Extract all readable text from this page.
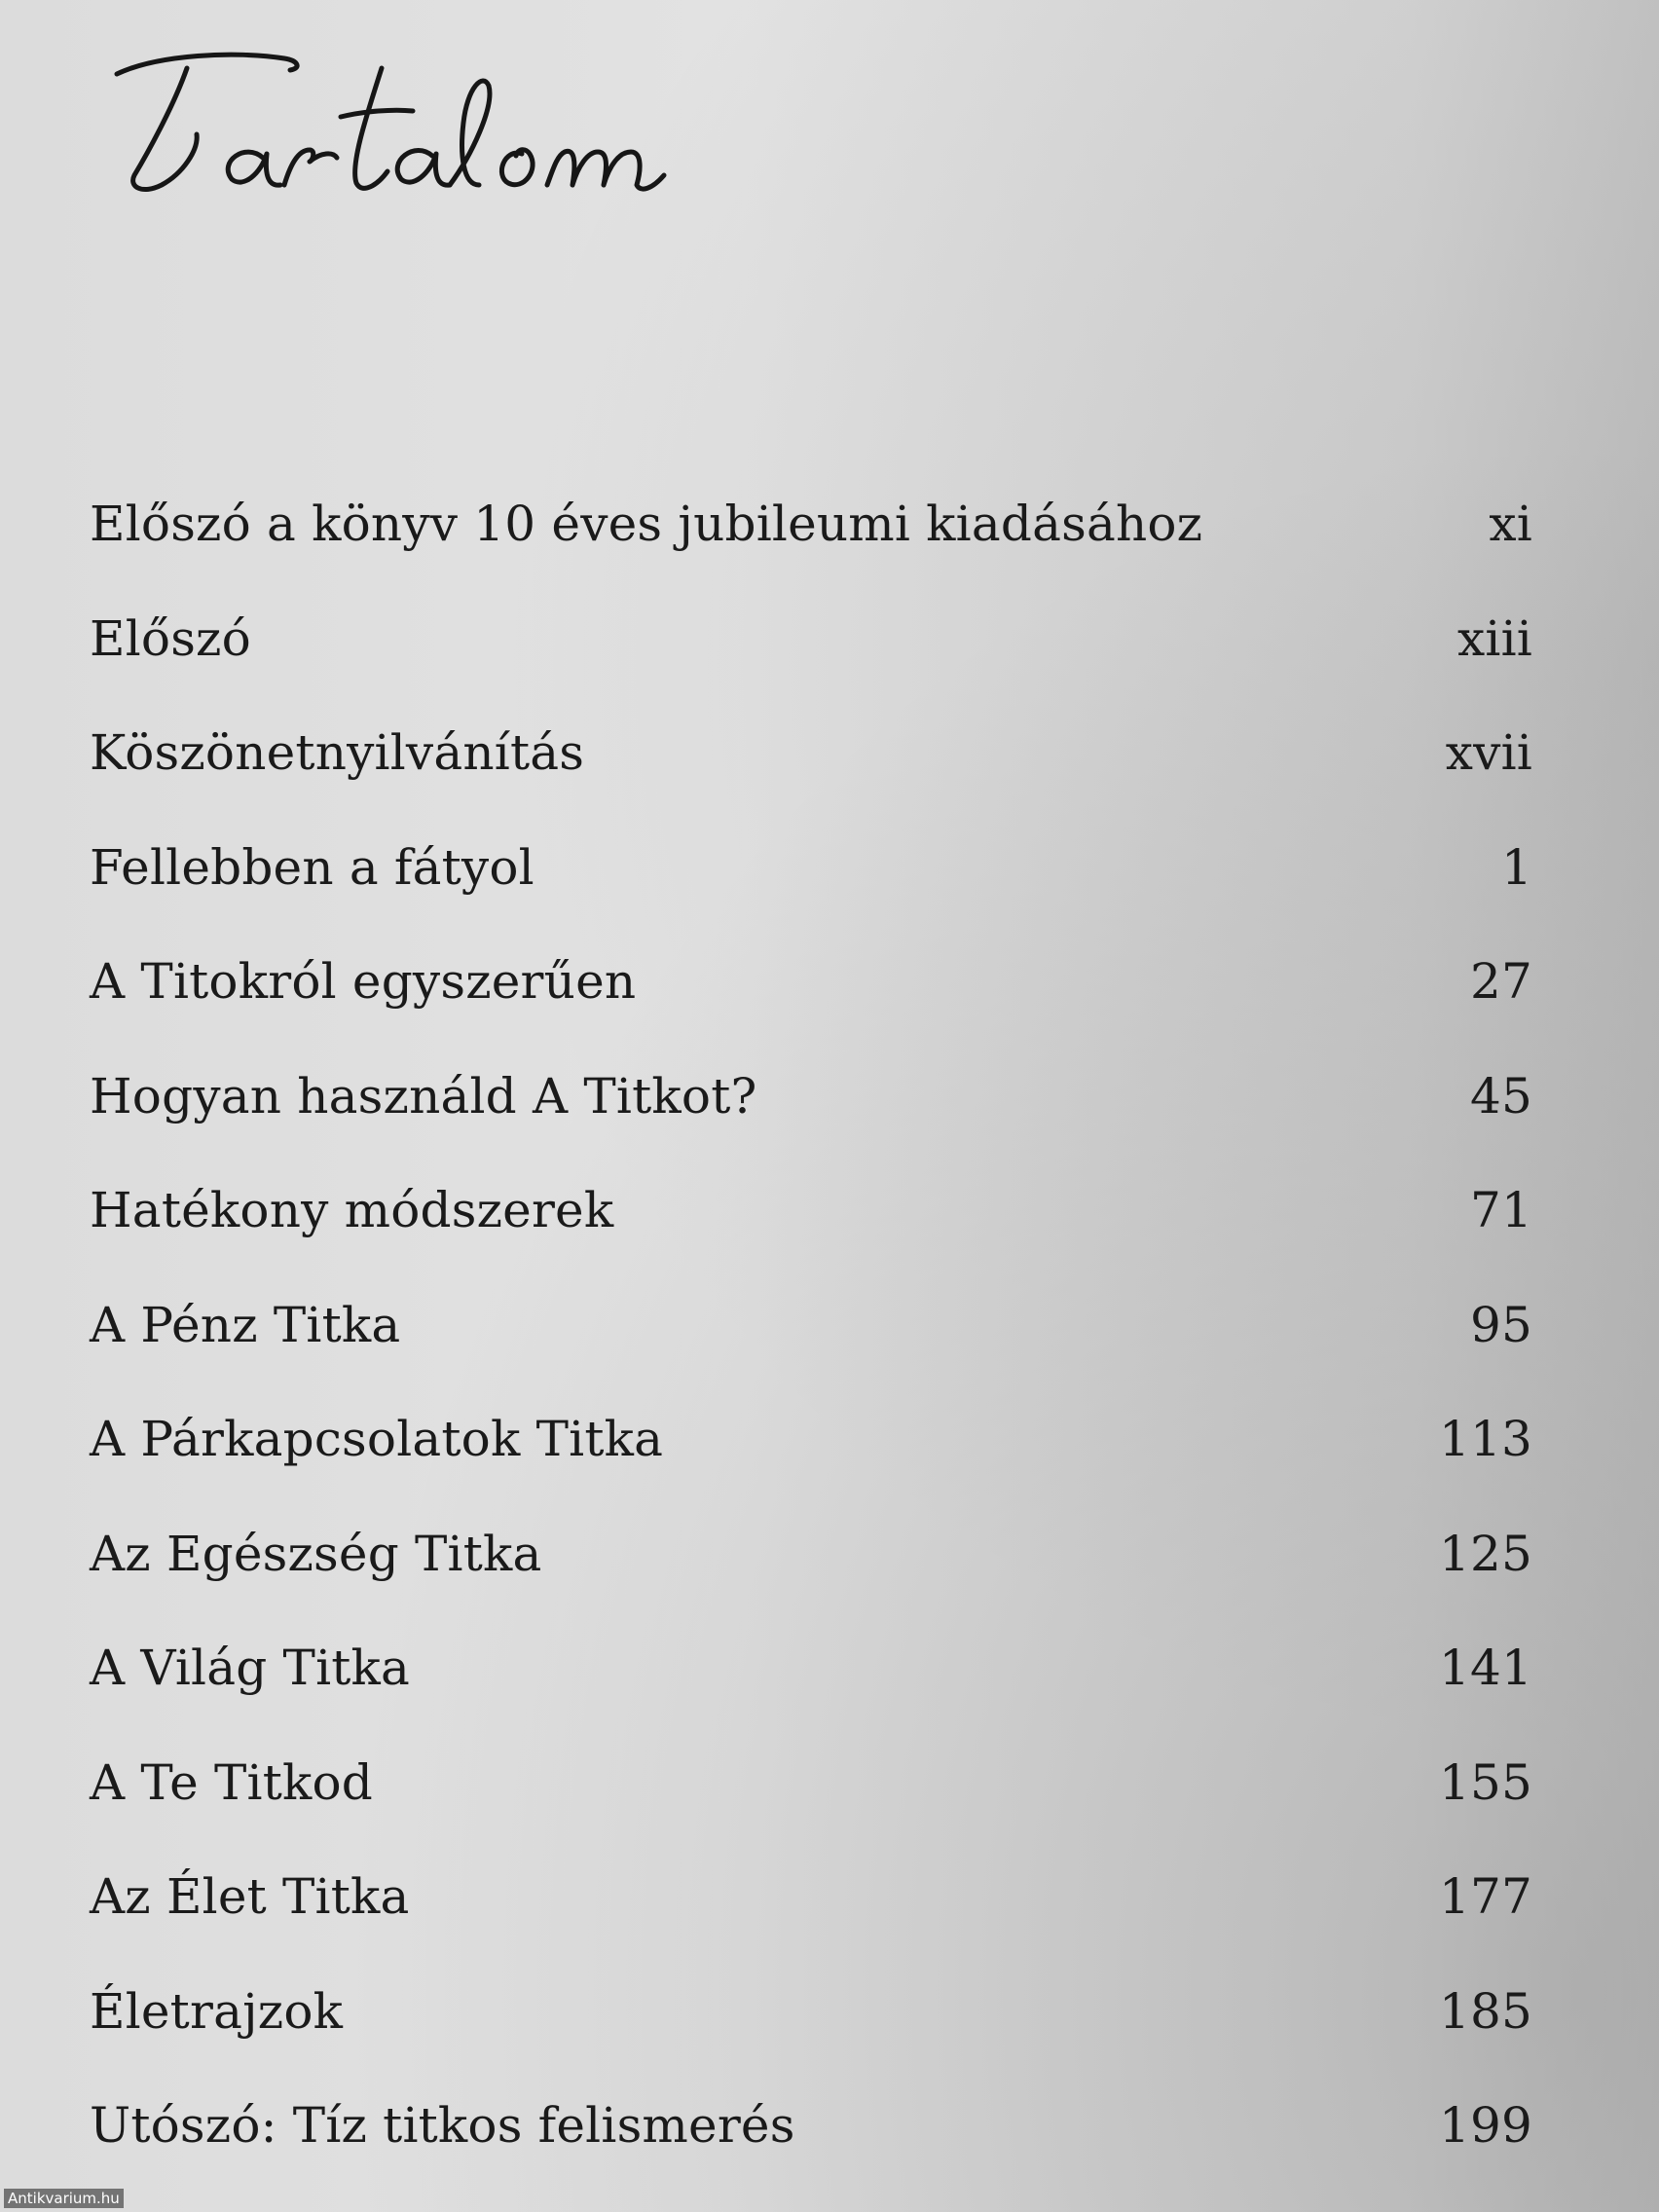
Előszó a könyv 10 éves jubileumi kiadásához	xi
Előszó	xiii
Köszönetnyilvánítás	xvii
Fellebben a fátyol	1
A Titokról egyszerűen	27
Hogyan használd A Titkot?	45
Hatékony módszerek	71
A Pénz Titka	95
A Párkapcsolatok Titka	113
Az Egészség Titka	125
A Világ Titka	141
A Te Titkod	155
Az Élet Titka	177
Életrajzok	185
Utószó: Tíz titkos felismerés	199
Antikvarium.hu
